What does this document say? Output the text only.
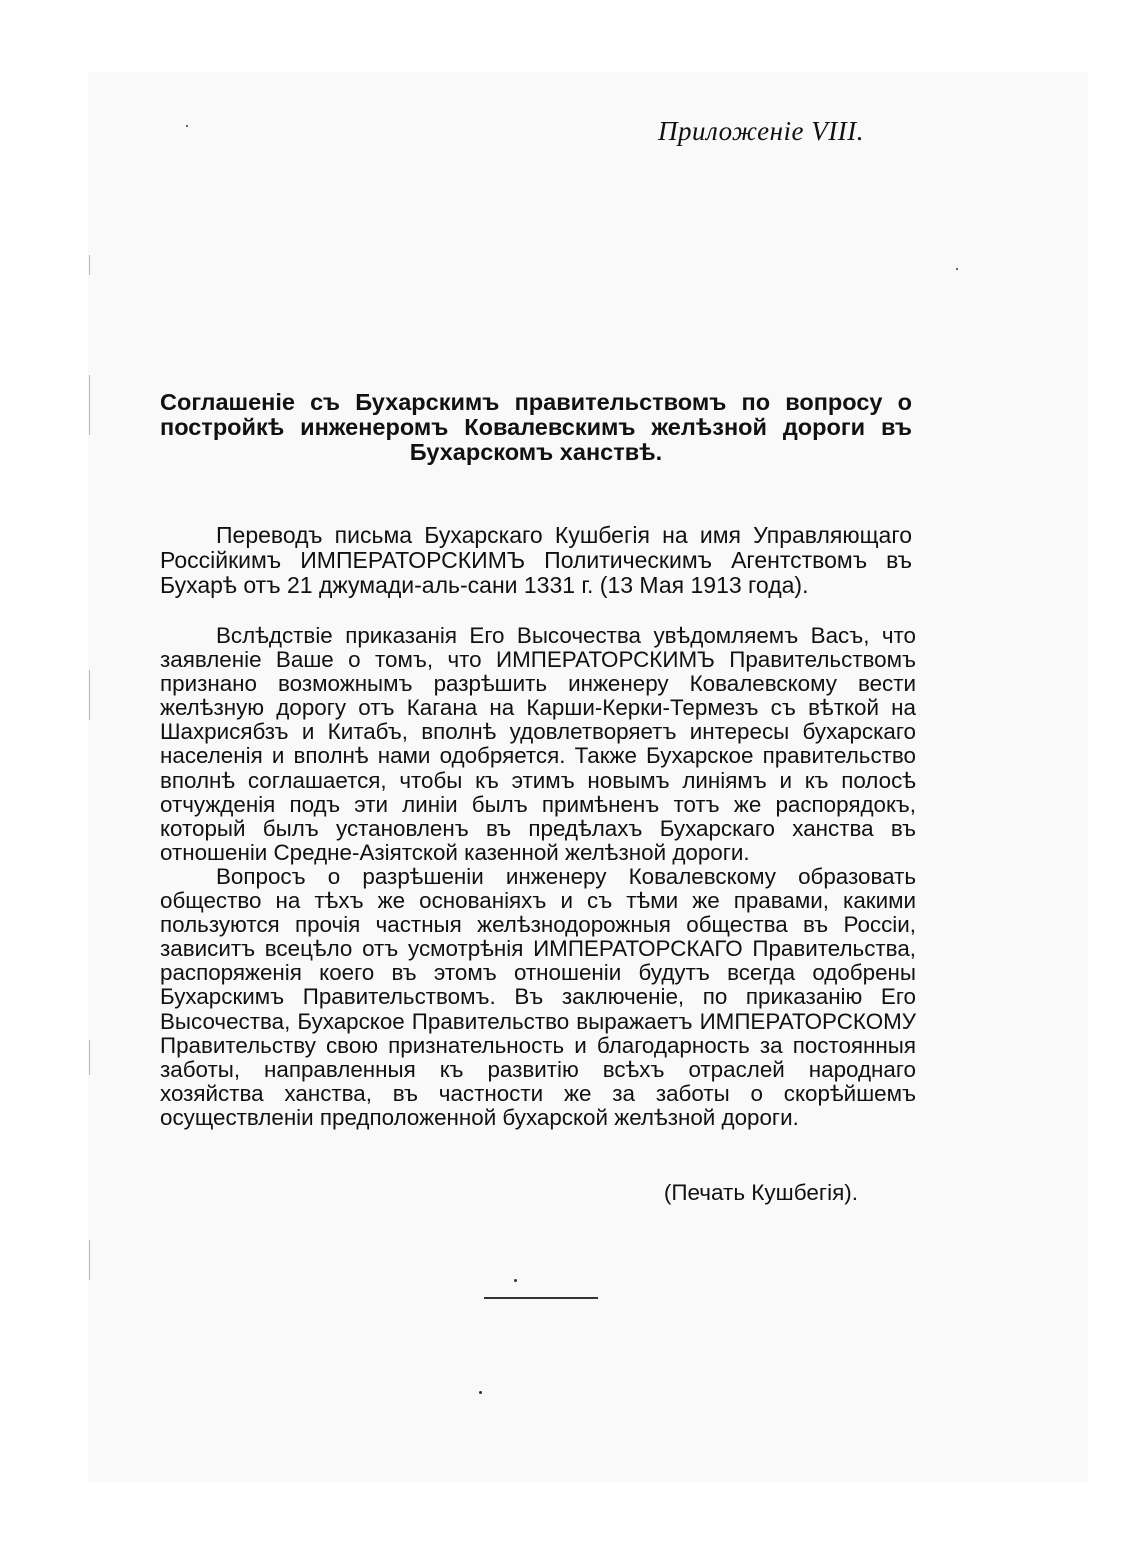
Приложенiе VIII.
Соглашенiе съ Бухарскимъ правительствомъ по вопросу о
постройкѣ инженеромъ Ковалевскимъ желѣзной дороги въ
Бухарскомъ ханствѣ.

Переводъ письма Бухарскаго Кушбегiя на имя Управляющаго Россiйкимъ ИМПЕРАТОРСКИМЪ Политическимъ Агентствомъ въ Бухарѣ отъ 21 джумади-аль-сани 1331 г. (13 Мая 1913 года).

Вслѣдствiе приказанiя Его Высочества увѣдомляемъ Васъ, что заявленiе Ваше о томъ, что ИМПЕРАТОРСКИМЪ Правительствомъ признано возможнымъ разрѣшить инженеру Ковалевскому вести желѣзную дорогу отъ Кагана на Карши-Керки-Термезъ съ вѣткой на Шахрисябзъ и Китабъ, вполнѣ удовлетворяетъ интересы бухарскаго населенiя и вполнѣ нами одобряется. Также Бухарское правительство вполнѣ соглашается, чтобы къ этимъ новымъ линiямъ и къ полосѣ отчужденiя подъ эти линiи былъ примѣненъ тотъ же распорядокъ, который былъ установленъ въ предѣлахъ Бухарскаго ханства въ отношенiи Средне-Азiятской казенной желѣзной дороги.

Вопросъ о разрѣшенiи инженеру Ковалевскому образовать общество на тѣхъ же основанiяхъ и съ тѣми же правами, какими пользуются прочiя частныя желѣзнодорожныя общества въ Россiи, зависитъ всецѣло отъ усмотрѣнiя ИМПЕРАТОРСКАГО Правительства, распоряженiя коего въ этомъ отношенiи будутъ всегда одобрены Бухарскимъ Правительствомъ. Въ заключенiе, по приказанiю Его Высочества, Бухарское Правительство выражаетъ ИМПЕРАТОРСКОМУ Правительству свою признательность и благодарность за постоянныя заботы, направленныя къ развитiю всѣхъ отраслей народнаго хозяйства ханства, въ частности же за заботы о скорѣйшемъ осуществленiи предположенной бухарской желѣзной дороги.

(Печать Кушбегiя).
